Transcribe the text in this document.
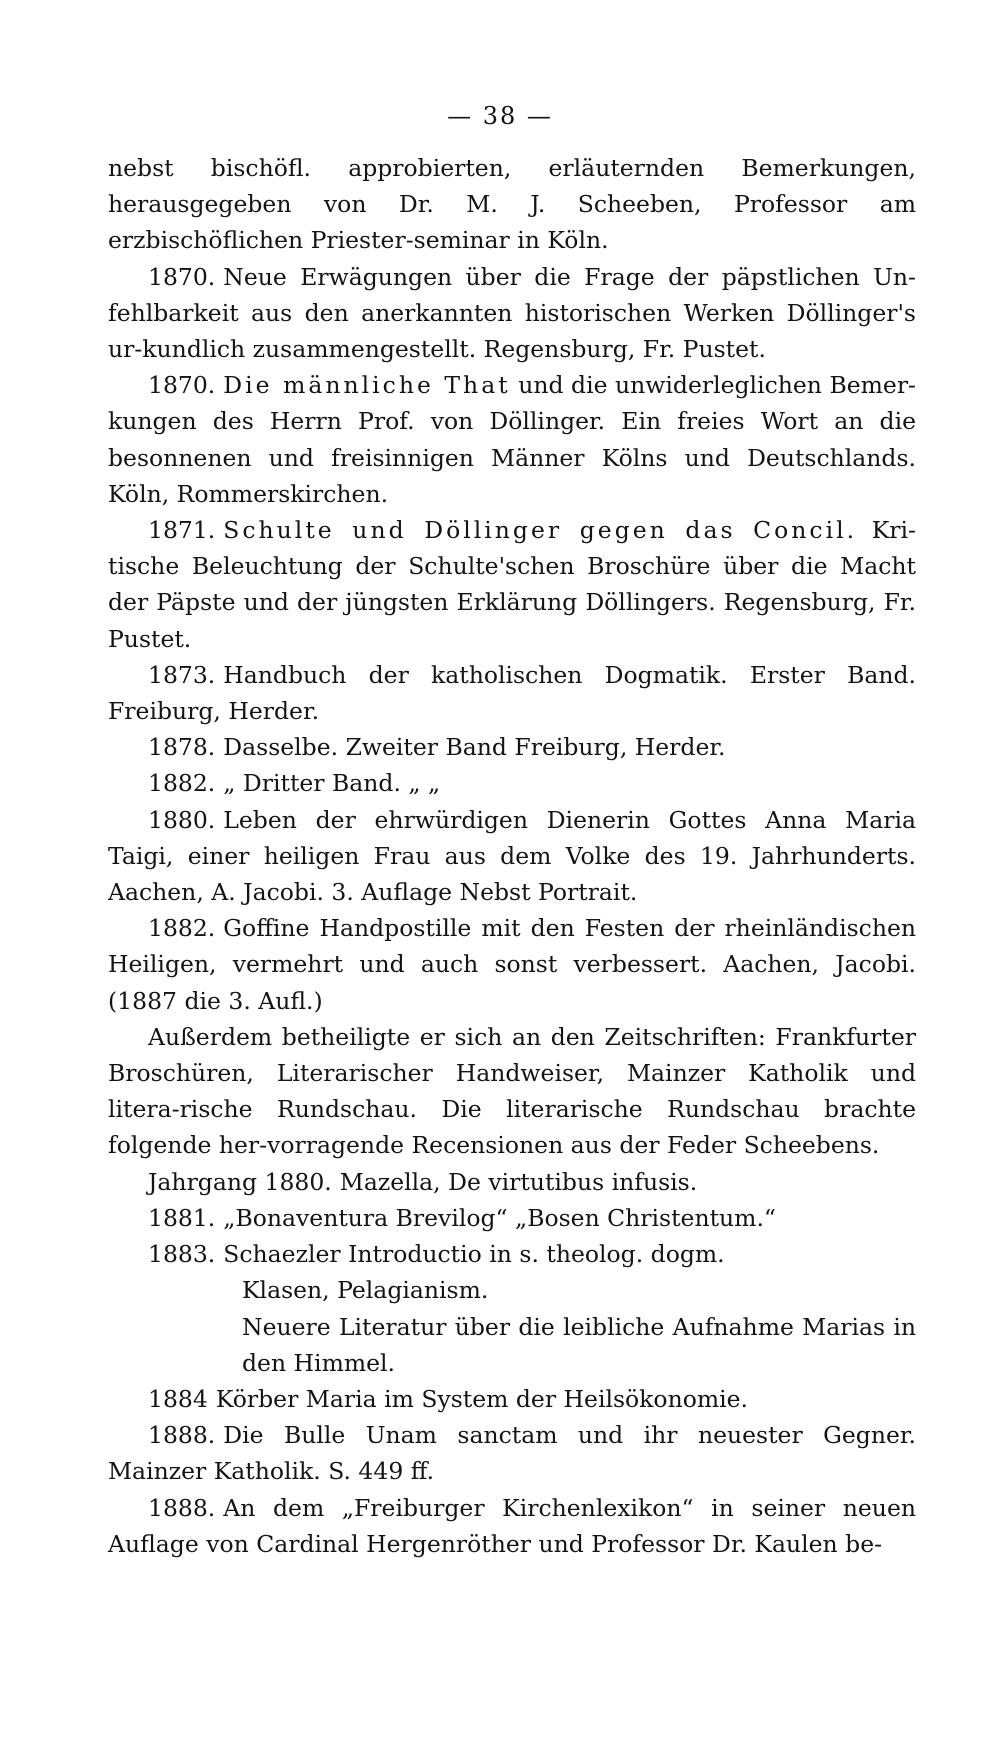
— 38 —

nebst bischöfl. approbierten, erläuternden Bemerkungen, herausgegeben von Dr. M. J. Scheeben, Professor am erzbischöflichen Priester-seminar in Köln.

1870. Neue Erwägungen über die Frage der päpstlichen Un-fehlbarkeit aus den anerkannten historischen Werken Döllinger's ur-kundlich zusammengestellt. Regensburg, Fr. Pustet.

1870. Die männliche That und die unwiderleglichen Bemer-kungen des Herrn Prof. von Döllinger. Ein freies Wort an die besonnenen und freisinnigen Männer Kölns und Deutschlands. Köln, Rommerskirchen.

1871. Schulte und Döllinger gegen das Concil. Kri-tische Beleuchtung der Schulte'schen Broschüre über die Macht der Päpste und der jüngsten Erklärung Döllingers. Regensburg, Fr. Pustet.

1873. Handbuch der katholischen Dogmatik. Erster Band. Freiburg, Herder.

1878. Dasselbe. Zweiter Band Freiburg, Herder.

1882. „ Dritter Band. „ „

1880. Leben der ehrwürdigen Dienerin Gottes Anna Maria Taigi, einer heiligen Frau aus dem Volke des 19. Jahrhunderts. Aachen, A. Jacobi. 3. Auflage Nebst Portrait.

1882. Goffine Handpostille mit den Festen der rheinländischen Heiligen, vermehrt und auch sonst verbessert. Aachen, Jacobi. (1887 die 3. Aufl.)

Außerdem betheiligte er sich an den Zeitschriften: Frankfurter Broschüren, Literarischer Handweiser, Mainzer Katholik und litera-rische Rundschau. Die literarische Rundschau brachte folgende her-vorragende Recensionen aus der Feder Scheebens.

Jahrgang 1880. Mazella, De virtutibus infusis.

1881. „Bonaventura Brevilog“ „Bosen Christentum.“

1883. Schaezler Introductio in s. theolog. dogm.

Klasen, Pelagianism.

Neuere Literatur über die leibliche Aufnahme Marias in den Himmel.

1884 Körber Maria im System der Heilsökonomie.

1888. Die Bulle Unam sanctam und ihr neuester Gegner. Mainzer Katholik. S. 449 ff.

1888. An dem „Freiburger Kirchenlexikon“ in seiner neuen Auflage von Cardinal Hergenröther und Professor Dr. Kaulen be-
